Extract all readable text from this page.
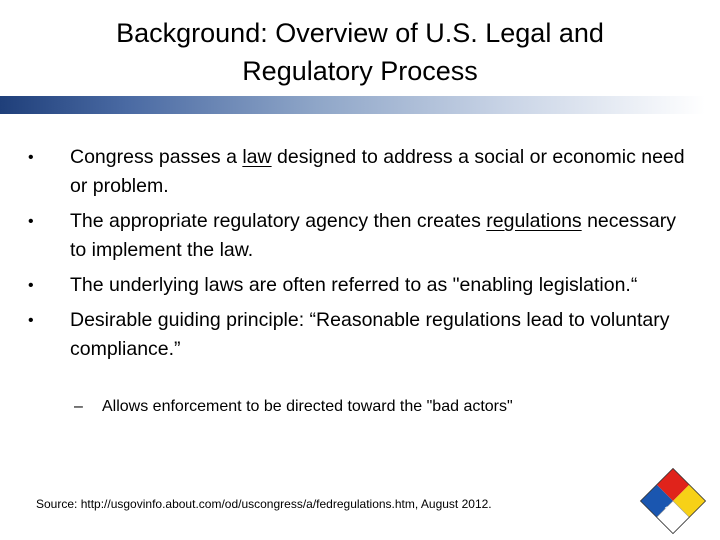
Background: Overview of U.S. Legal and
Regulatory Process
• Congress passes a law designed to address a social or economic need or problem.
• The appropriate regulatory agency then creates regulations necessary to implement the law.
• The underlying laws are often referred to as "enabling legislation.“
• Desirable guiding principle: “Reasonable regulations lead to voluntary compliance.”
– Allows enforcement to be directed toward the "bad actors"
Source: http://usgovinfo.about.com/od/uscongress/a/fedregulations.htm, August 2012.	10
